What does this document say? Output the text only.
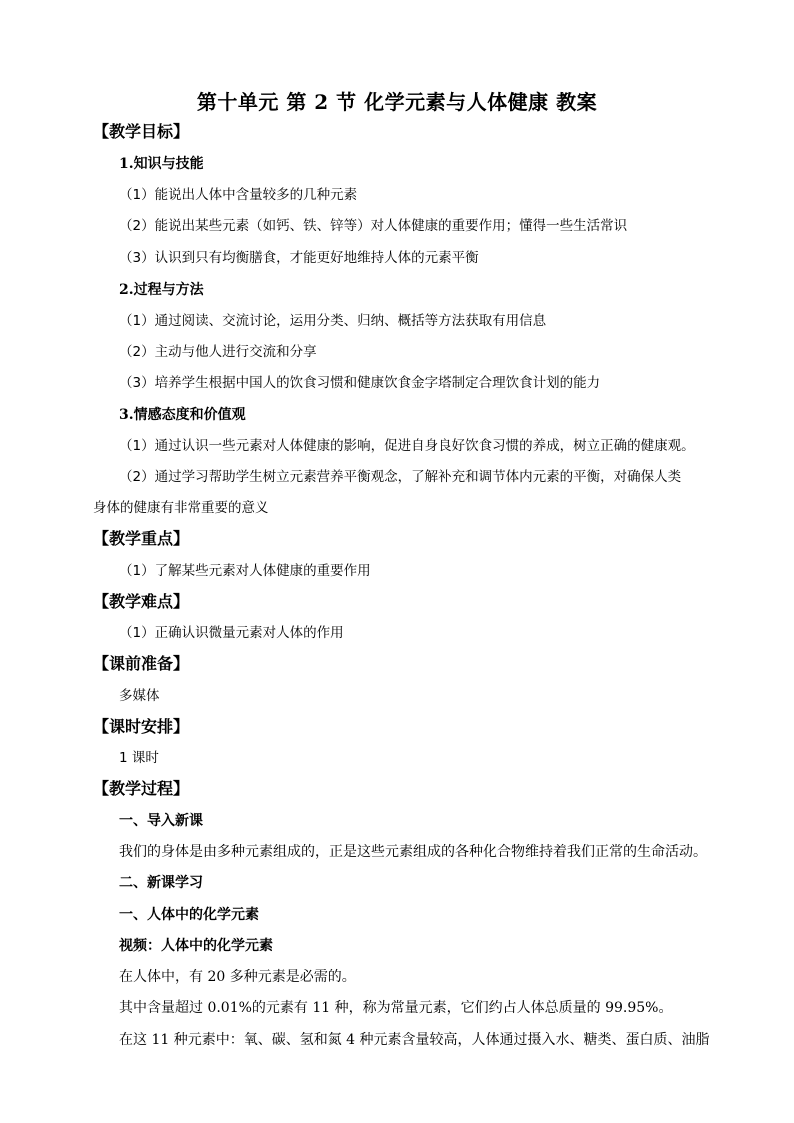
第十单元 第 2 节 化学元素与人体健康 教案
【教学目标】
1.知识与技能
（1）能说出人体中含量较多的几种元素
（2）能说出某些元素（如钙、铁、锌等）对人体健康的重要作用；懂得一些生活常识
（3）认识到只有均衡膳食，才能更好地维持人体的元素平衡
2.过程与方法
（1）通过阅读、交流讨论，运用分类、归纳、概括等方法获取有用信息
（2）主动与他人进行交流和分享
（3）培养学生根据中国人的饮食习惯和健康饮食金字塔制定合理饮食计划的能力
3.情感态度和价值观
（1）通过认识一些元素对人体健康的影响，促进自身良好饮食习惯的养成，树立正确的健康观。
（2）通过学习帮助学生树立元素营养平衡观念，了解补充和调节体内元素的平衡，对确保人类
身体的健康有非常重要的意义
【教学重点】
（1）了解某些元素对人体健康的重要作用
【教学难点】
（1）正确认识微量元素对人体的作用
【课前准备】
多媒体
【课时安排】
1 课时
【教学过程】
一、导入新课
我们的身体是由多种元素组成的，正是这些元素组成的各种化合物维持着我们正常的生命活动。
二、新课学习
一、人体中的化学元素
视频：人体中的化学元素
在人体中，有 20 多种元素是必需的。
其中含量超过 0.01%的元素有 11 种，称为常量元素，它们约占人体总质量的 99.95%。
在这 11 种元素中：氧、碳、氢和氮 4 种元素含量较高，人体通过摄入水、糖类、蛋白质、油脂
